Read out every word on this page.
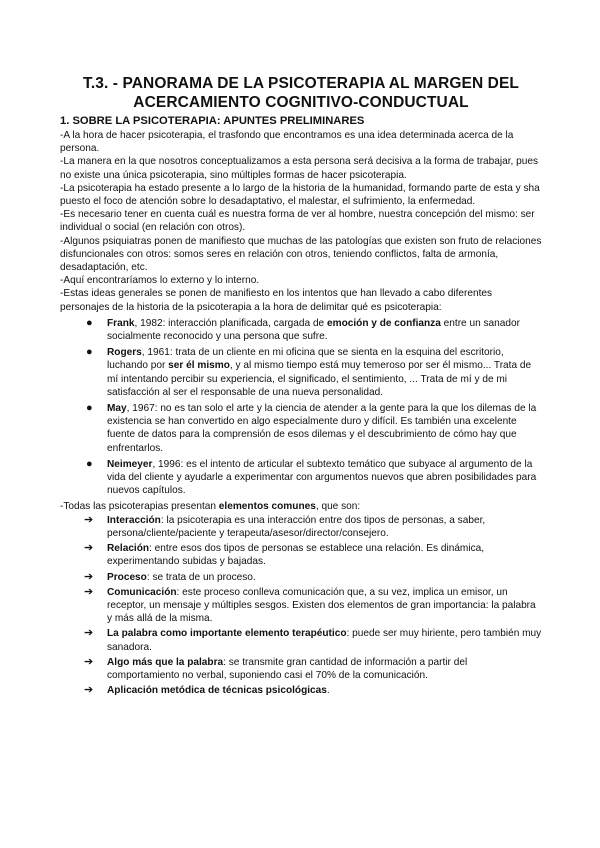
T.3. - PANORAMA DE LA PSICOTERAPIA AL MARGEN DEL
ACERCAMIENTO COGNITIVO-CONDUCTUAL
1. SOBRE LA PSICOTERAPIA: APUNTES PRELIMINARES

-A la hora de hacer psicoterapia, el trasfondo que encontramos es una idea determinada acerca de la persona.

-La manera en la que nosotros conceptualizamos a esta persona será decisiva a la forma de trabajar, pues no existe una única psicoterapia, sino múltiples formas de hacer psicoterapia.

-La psicoterapia ha estado presente a lo largo de la historia de la humanidad, formando parte de esta y sha puesto el foco de atención sobre lo desadaptativo, el malestar, el sufrimiento, la enfermedad.

-Es necesario tener en cuenta cuál es nuestra forma de ver al hombre, nuestra concepción del mismo: ser individual o social (en relación con otros).

-Algunos psiquiatras ponen de manifiesto que muchas de las patologías que existen son fruto de relaciones disfuncionales con otros: somos seres en relación con otros, teniendo conflictos, falta de armonía, desadaptación, etc.

-Aquí encontraríamos lo externo y lo interno.

-Estas ideas generales se ponen de manifiesto en los intentos que han llevado a cabo diferentes personajes de la historia de la psicoterapia a la hora de delimitar qué es psicoterapia:

● Frank, 1982: interacción planificada, cargada de emoción y de confianza entre un sanador socialmente reconocido y una persona que sufre.
● Rogers, 1961: trata de un cliente en mi oficina que se sienta en la esquina del escritorio, luchando por ser él mismo, y al mismo tiempo está muy temeroso por ser él mismo... Trata de mí intentando percibir su experiencia, el significado, el sentimiento, ... Trata de mí y de mi satisfacción al ser el responsable de una nueva personalidad.
● May, 1967: no es tan solo el arte y la ciencia de atender a la gente para la que los dilemas de la existencia se han convertido en algo especialmente duro y difícil. Es también una excelente fuente de datos para la comprensión de esos dilemas y el descubrimiento de cómo hay que enfrentarlos.
● Neimeyer, 1996: es el intento de articular el subtexto temático que subyace al argumento de la vida del cliente y ayudarle a experimentar con argumentos nuevos que abren posibilidades para nuevos capítulos.

-Todas las psicoterapias presentan elementos comunes, que son:

➔ Interacción: la psicoterapia es una interacción entre dos tipos de personas, a saber, persona/cliente/paciente y terapeuta/asesor/director/consejero.
➔ Relación: entre esos dos tipos de personas se establece una relación. Es dinámica, experimentando subidas y bajadas.
➔ Proceso: se trata de un proceso.
➔ Comunicación: este proceso conlleva comunicación que, a su vez, implica un emisor, un receptor, un mensaje y múltiples sesgos. Existen dos elementos de gran importancia: la palabra y más allá de la misma.
➔ La palabra como importante elemento terapéutico: puede ser muy hiriente, pero también muy sanadora.
➔ Algo más que la palabra: se transmite gran cantidad de información a partir del comportamiento no verbal, suponiendo casi el 70% de la comunicación.
➔ Aplicación metódica de técnicas psicológicas.
